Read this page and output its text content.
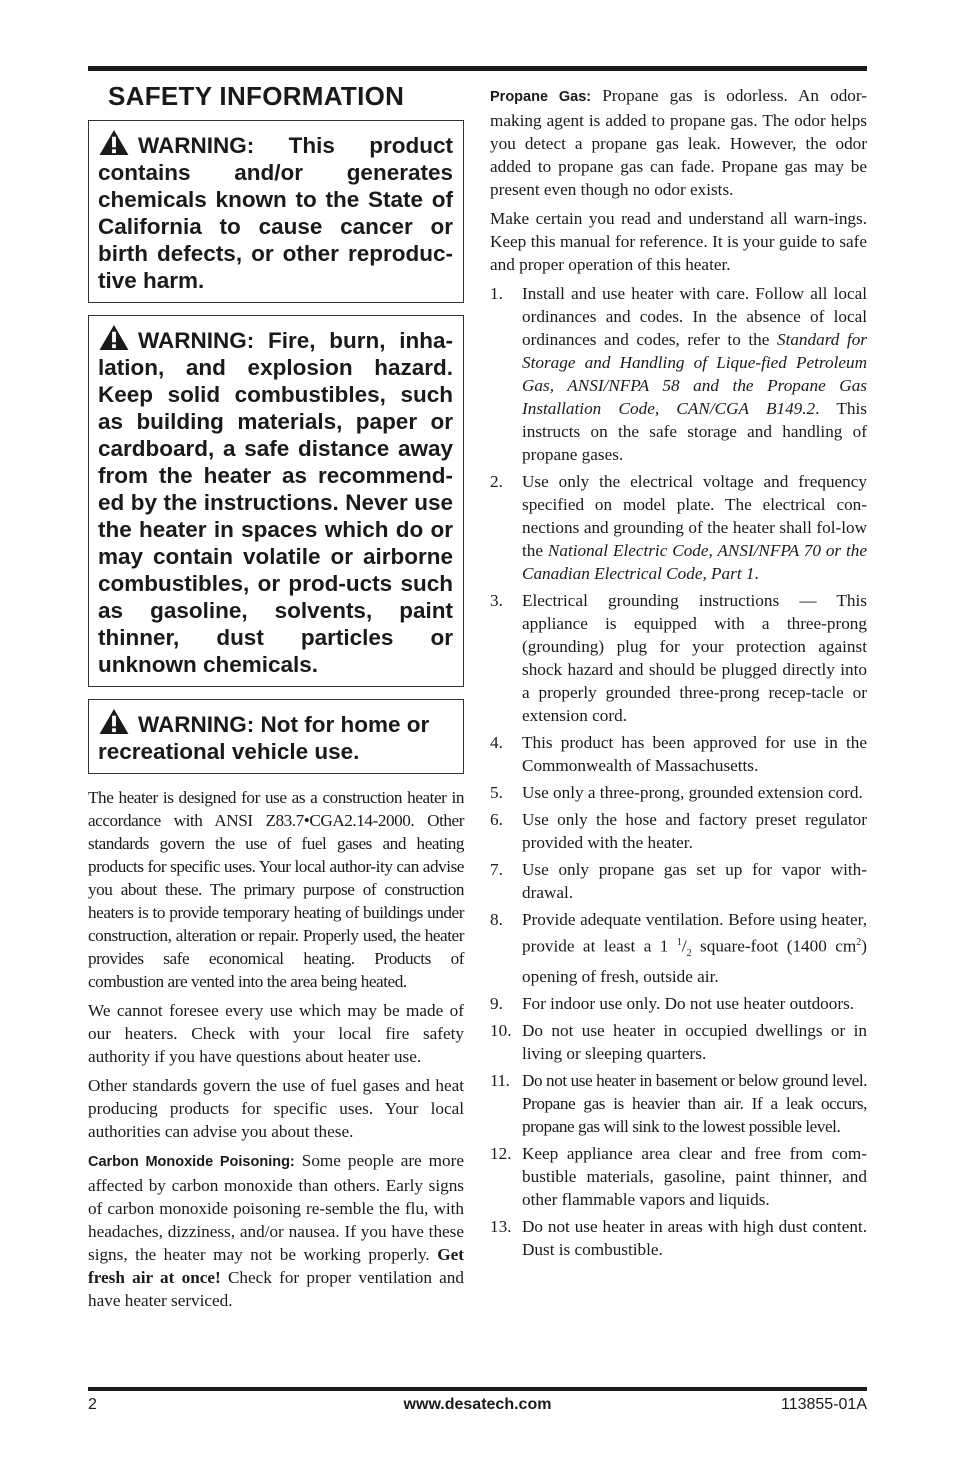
SAFETY INFORMATION
WARNING: This product contains and/or generates chemicals known to the State of California to cause cancer or birth defects, or other reproduc-tive harm.
WARNING: Fire, burn, inha-lation, and explosion hazard. Keep solid combustibles, such as building materials, paper or cardboard, a safe distance away from the heater as recommend-ed by the instructions. Never use the heater in spaces which do or may contain volatile or airborne combustibles, or prod-ucts such as gasoline, solvents, paint thinner, dust particles or unknown chemicals.
WARNING: Not for home or recreational vehicle use.

The heater is designed for use as a construction heater in accordance with ANSI Z83.7•CGA2.14-2000. Other standards govern the use of fuel gases and heating products for specific uses. Your local author-ity can advise you about these. The primary purpose of construction heaters is to provide temporary heating of buildings under construction, alteration or repair. Properly used, the heater provides safe economical heating. Products of combustion are vented into the area being heated.

We cannot foresee every use which may be made of our heaters. Check with your local fire safety authority if you have questions about heater use.

Other standards govern the use of fuel gases and heat producing products for specific uses. Your local authorities can advise you about these.

Carbon Monoxide Poisoning: Some people are more affected by carbon monoxide than others. Early signs of carbon monoxide poisoning re-semble the flu, with headaches, dizziness, and/or nausea. If you have these signs, the heater may not be working properly. Get fresh air at once! Check for proper ventilation and have heater serviced.

Propane Gas: Propane gas is odorless. An odor-making agent is added to propane gas. The odor helps you detect a propane gas leak. However, the odor added to propane gas can fade. Propane gas may be present even though no odor exists.

Make certain you read and understand all warn-ings. Keep this manual for reference. It is your guide to safe and proper operation of this heater.

1. Install and use heater with care. Follow all local ordinances and codes. In the absence of local ordinances and codes, refer to the Standard for Storage and Handling of Lique-fied Petroleum Gas, ANSI/NFPA 58 and the Propane Gas Installation Code, CAN/CGA B149.2. This instructs on the safe storage and handling of propane gases.
2. Use only the electrical voltage and frequency specified on model plate. The electrical con-nections and grounding of the heater shall fol-low the National Electric Code, ANSI/NFPA 70 or the Canadian Electrical Code, Part 1.
3. Electrical grounding instructions — This appliance is equipped with a three-prong (grounding) plug for your protection against shock hazard and should be plugged directly into a properly grounded three-prong recep-tacle or extension cord.
4. This product has been approved for use in the Commonwealth of Massachusetts.
5. Use only a three-prong, grounded extension cord.
6. Use only the hose and factory preset regulator provided with the heater.
7. Use only propane gas set up for vapor with-drawal.
8. Provide adequate ventilation. Before using heater, provide at least a 1 $^1/_2$ square-foot (1400 $cm^2$) opening of fresh, outside air.
9. For indoor use only. Do not use heater outdoors.
10. Do not use heater in occupied dwellings or in living or sleeping quarters.
11. Do not use heater in basement or below ground level. Propane gas is heavier than air. If a leak occurs, propane gas will sink to the lowest possible level.
12. Keep appliance area clear and free from com-bustible materials, gasoline, paint thinner, and other flammable vapors and liquids.
13. Do not use heater in areas with high dust content. Dust is combustible.
2	www.desatech.com	113855-01A
